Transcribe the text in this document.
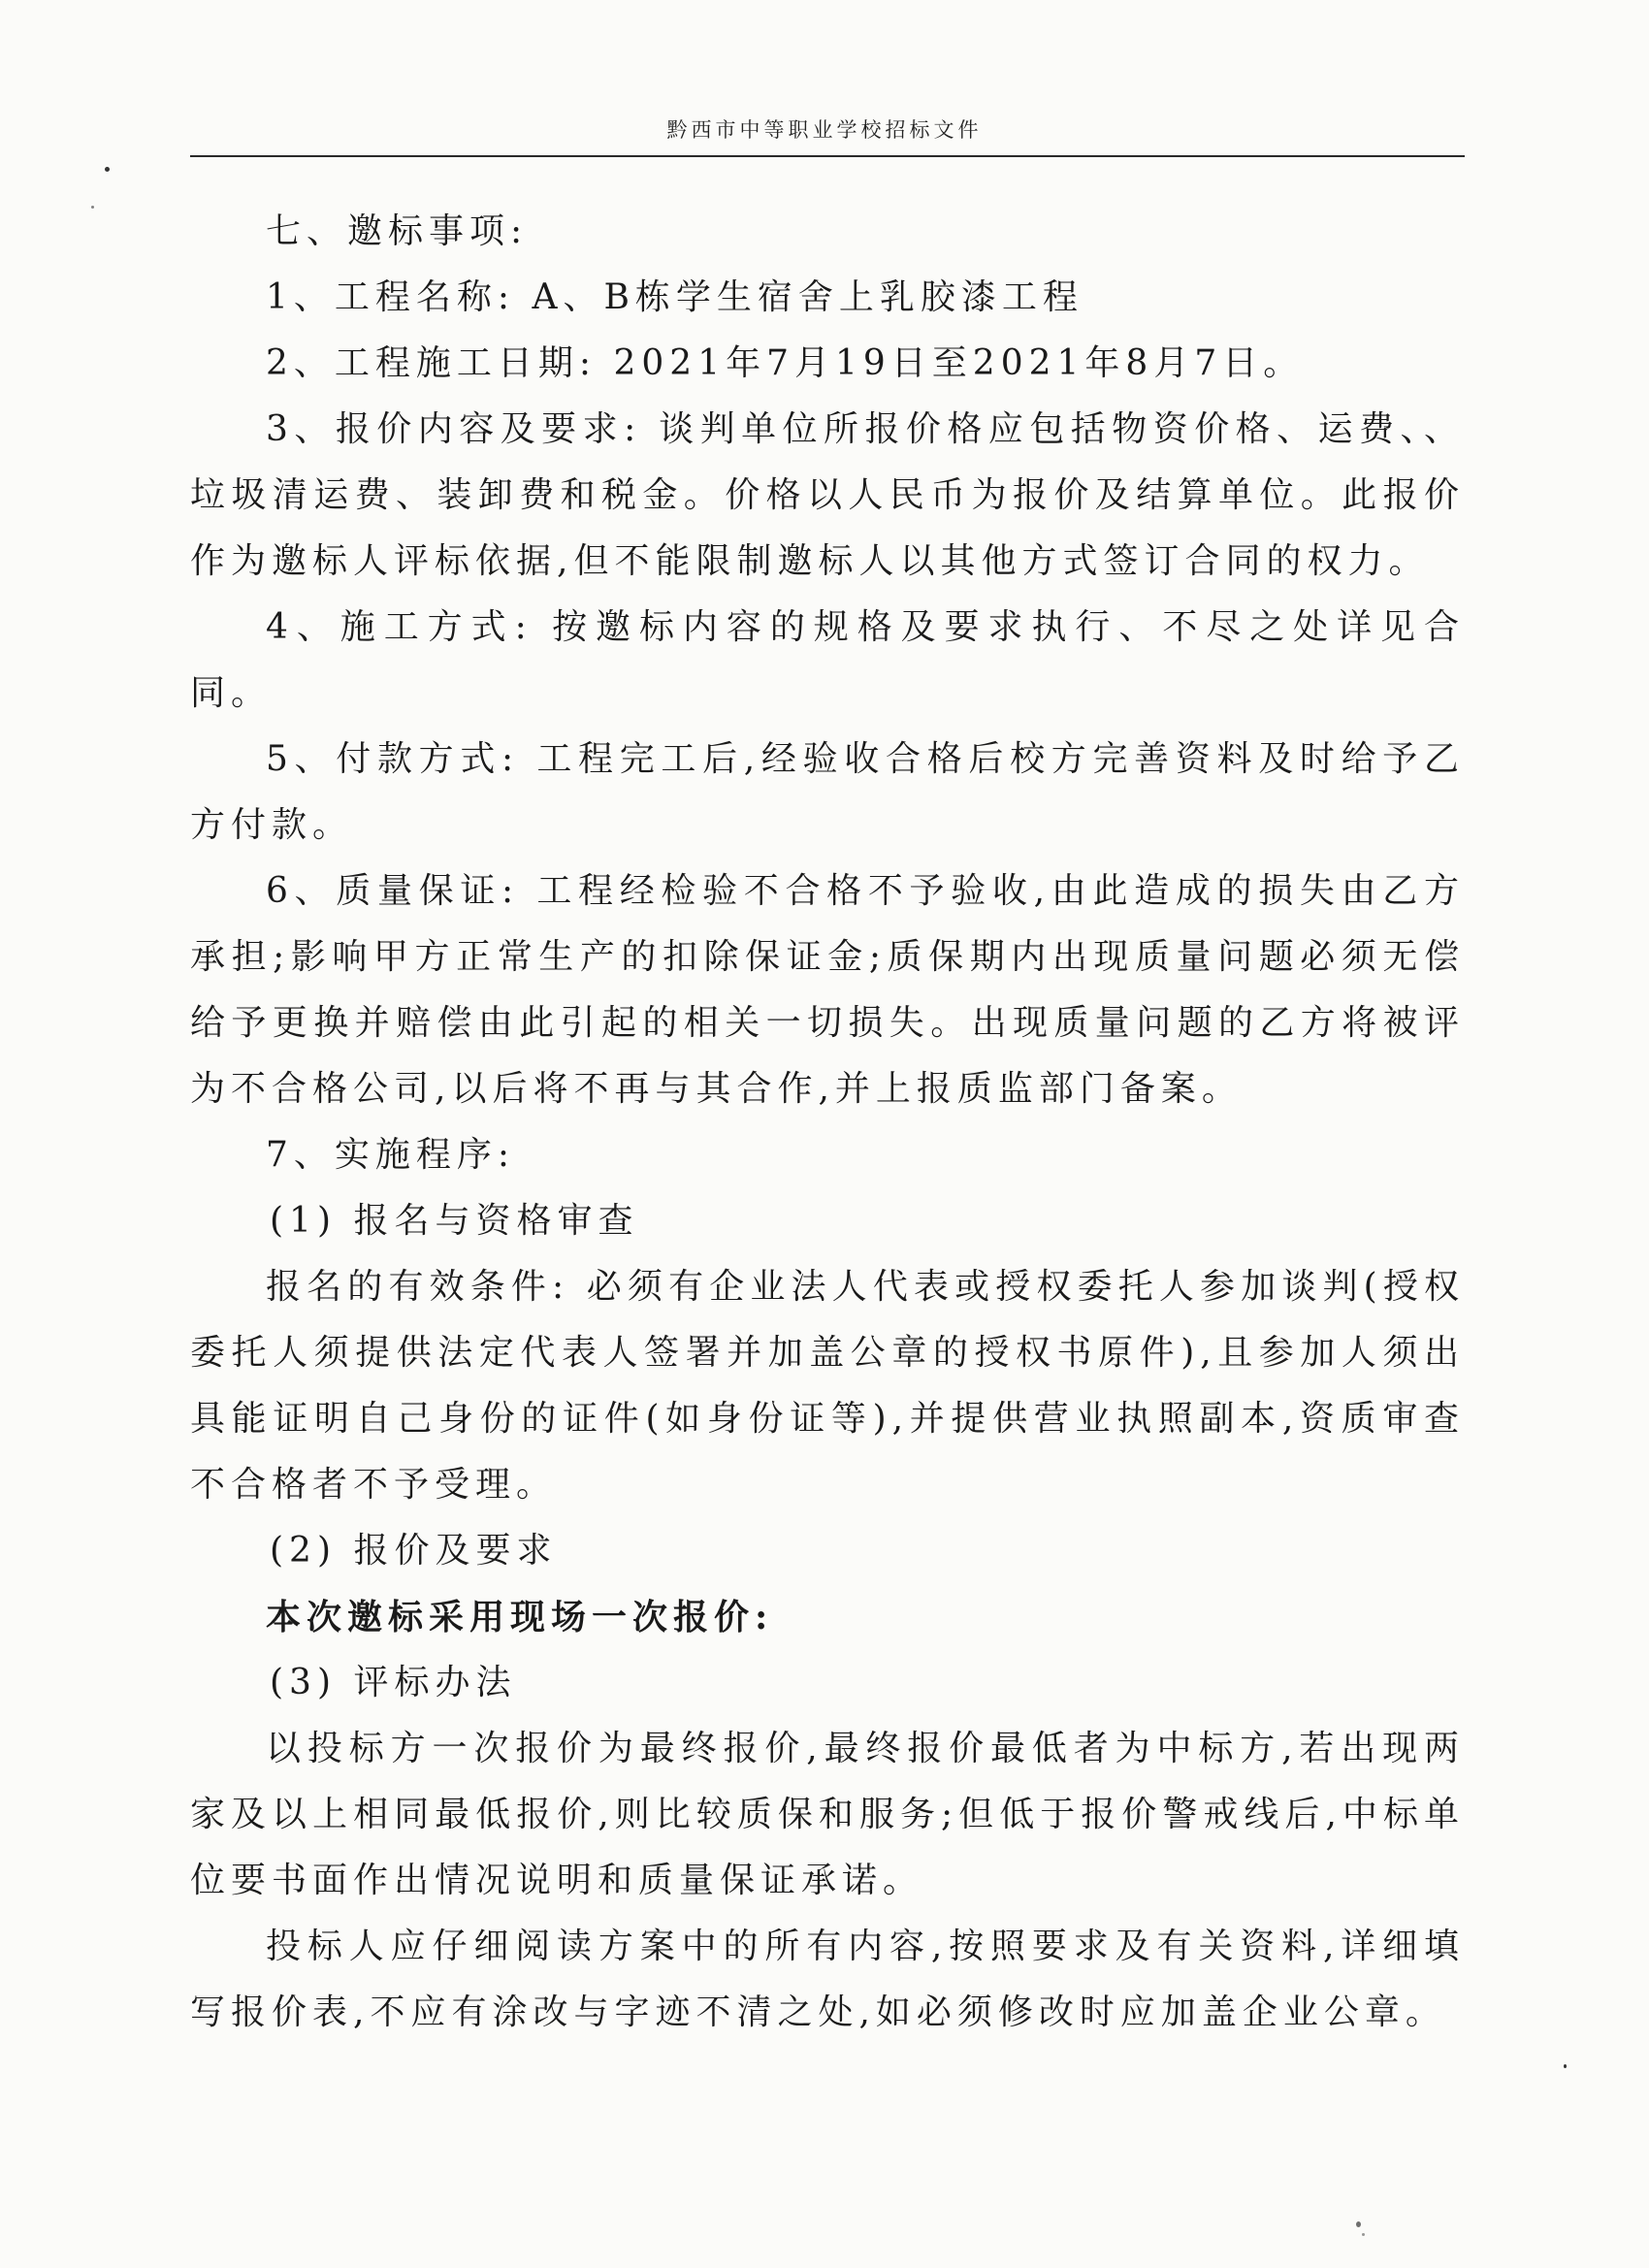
黔西市中等职业学校招标文件

七、邀标事项:

1、工程名称: A、B栋学生宿舍上乳胶漆工程

2、工程施工日期: 2021年7月19日至2021年8月7日。

3、报价内容及要求: 谈判单位所报价格应包括物资价格、运费、、垃圾清运费、装卸费和税金。价格以人民币为报价及结算单位。此报价作为邀标人评标依据,但不能限制邀标人以其他方式签订合同的权力。

4、施工方式: 按邀标内容的规格及要求执行、不尽之处详见合同。

5、付款方式: 工程完工后,经验收合格后校方完善资料及时给予乙方付款。

6、质量保证: 工程经检验不合格不予验收,由此造成的损失由乙方承担;影响甲方正常生产的扣除保证金;质保期内出现质量问题必须无偿给予更换并赔偿由此引起的相关一切损失。出现质量问题的乙方将被评为不合格公司,以后将不再与其合作,并上报质监部门备案。

7、实施程序:

(1) 报名与资格审查

报名的有效条件: 必须有企业法人代表或授权委托人参加谈判(授权委托人须提供法定代表人签署并加盖公章的授权书原件),且参加人须出具能证明自己身份的证件(如身份证等),并提供营业执照副本,资质审查不合格者不予受理。

(2) 报价及要求

本次邀标采用现场一次报价:

(3) 评标办法

以投标方一次报价为最终报价,最终报价最低者为中标方,若出现两家及以上相同最低报价,则比较质保和服务;但低于报价警戒线后,中标单位要书面作出情况说明和质量保证承诺。

投标人应仔细阅读方案中的所有内容,按照要求及有关资料,详细填写报价表,不应有涂改与字迹不清之处,如必须修改时应加盖企业公章。
